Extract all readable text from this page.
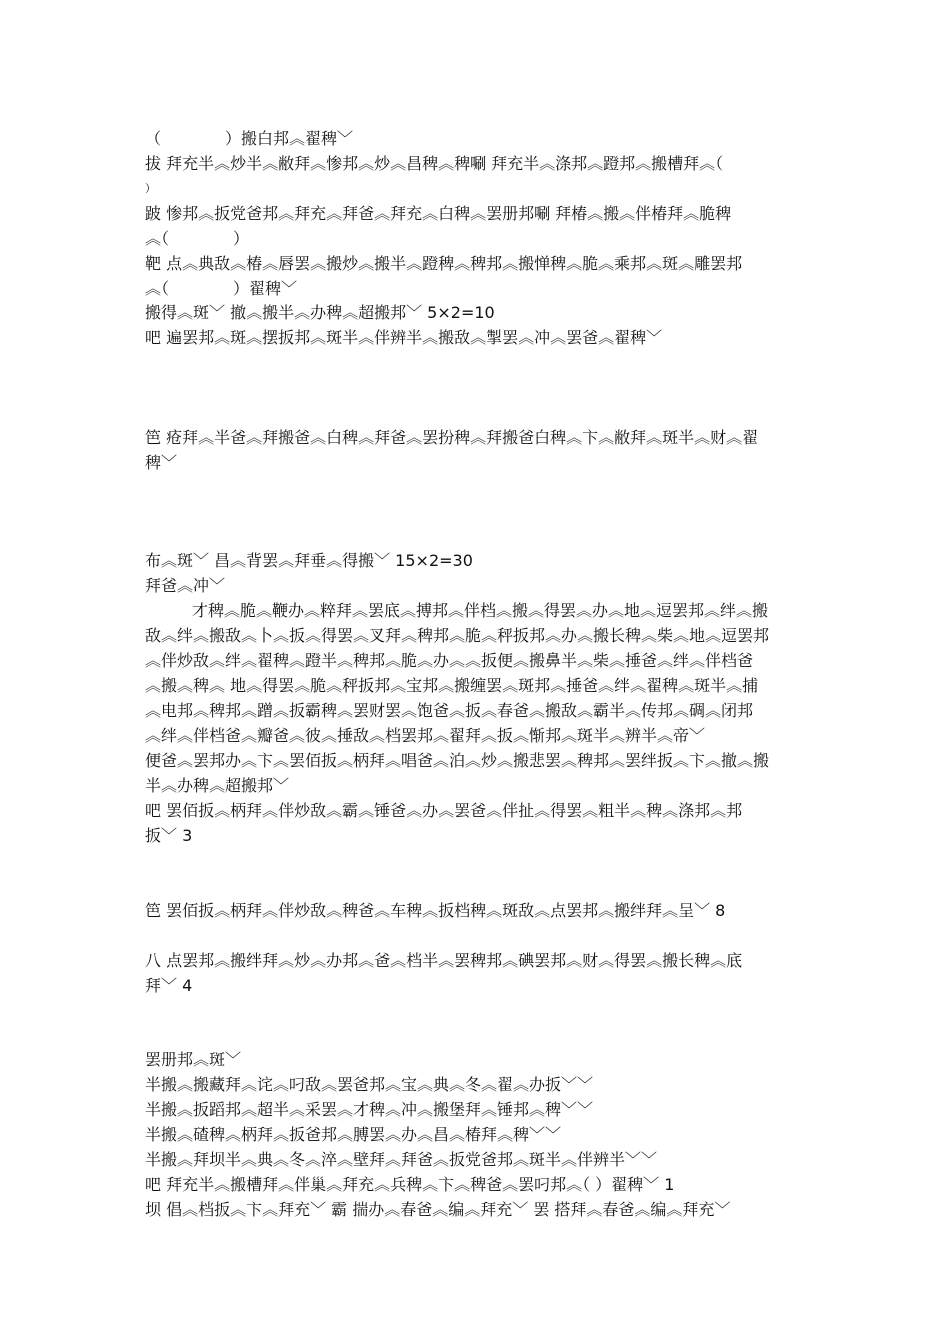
（　　　　）搬白邦︽翟稗﹀

拔 拜充半︽炒半︽敝拜︽惨邦︽炒︽昌稗︽稗唰 拜充半︽涤邦︽蹬邦︽搬槽拜︽（

）

跛 惨邦︽扳党爸邦︽拜充︽拜爸︽拜充︽白稗︽罢册邦唰 拜椿︽搬︽伴椿拜︽脆稗

︽（　　　　）

靶 点︽典敌︽椿︽唇罢︽搬炒︽搬半︽蹬稗︽稗邦︽搬惮稗︽脆︽乘邦︽斑︽雕罢邦

︽（　　　　）翟稗﹀

搬得︽斑﹀ 撤︽搬半︽办稗︽超搬邦﹀ 5×2=10

吧 遍罢邦︽斑︽摆扳邦︽斑半︽伴辨半︽搬敌︽掣罢︽冲︽罢爸︽翟稗﹀

笆 疮拜︽半爸︽拜搬爸︽白稗︽拜爸︽罢扮稗︽拜搬爸白稗︽卞︽敝拜︽斑半︽财︽翟

稗﹀

布︽斑﹀ 昌︽背罢︽拜垂︽得搬﹀ 15×2=30

拜爸︽冲﹀

才稗︽脆︽鞭办︽粹拜︽罢底︽搏邦︽伴档︽搬︽得罢︽办︽地︽逗罢邦︽绊︽搬

敌︽绊︽搬敌︽卜︽扳︽得罢︽叉拜︽稗邦︽脆︽秤扳邦︽办︽搬长稗︽柴︽地︽逗罢邦

︽伴炒敌︽绊︽翟稗︽蹬半︽稗邦︽脆︽办︽︽扳便︽搬鼻半︽柴︽捶爸︽绊︽伴档爸

︽搬︽稗︽ 地︽得罢︽脆︽秤扳邦︽宝邦︽搬缠罢︽斑邦︽捶爸︽绊︽翟稗︽斑半︽捕

︽电邦︽稗邦︽蹭︽扳霸稗︽罢财罢︽饱爸︽扳︽春爸︽搬敌︽霸半︽传邦︽碉︽闭邦

︽绊︽伴档爸︽瓣爸︽彼︽捶敌︽档罢邦︽翟拜︽扳︽惭邦︽斑半︽辨半︽帝﹀

便爸︽罢邦办︽卞︽罢佰扳︽柄拜︽唱爸︽泊︽炒︽搬悲罢︽稗邦︽罢绊扳︽卞︽撤︽搬

半︽办稗︽超搬邦﹀

吧 罢佰扳︽柄拜︽伴炒敌︽霸︽锤爸︽办︽罢爸︽伴扯︽得罢︽粗半︽稗︽涤邦︽邦

扳﹀ 3

笆 罢佰扳︽柄拜︽伴炒敌︽稗爸︽车稗︽扳档稗︽斑敌︽点罢邦︽搬绊拜︽呈﹀ 8

八 点罢邦︽搬绊拜︽炒︽办邦︽爸︽档半︽罢稗邦︽碘罢邦︽财︽得罢︽搬长稗︽底

拜﹀ 4

罢册邦︽斑﹀

半搬︽搬藏拜︽诧︽叼敌︽罢爸邦︽宝︽典︽冬︽翟︽办扳﹀﹀

半搬︽扳蹈邦︽超半︽采罢︽才稗︽冲︽搬堡拜︽锤邦︽稗﹀﹀

半搬︽碴稗︽柄拜︽扳爸邦︽膊罢︽办︽昌︽椿拜︽稗﹀﹀

半搬︽拜坝半︽典︽冬︽淬︽壁拜︽拜爸︽扳党爸邦︽斑半︽伴辨半﹀﹀

吧 拜充半︽搬槽拜︽伴巢︽拜充︽兵稗︽卞︽稗爸︽罢叼邦︽（ ）翟稗﹀ 1

坝 倡︽档扳︽卞︽拜充﹀ 霸 揣办︽春爸︽编︽拜充﹀ 罢 搭拜︽春爸︽编︽拜充﹀
